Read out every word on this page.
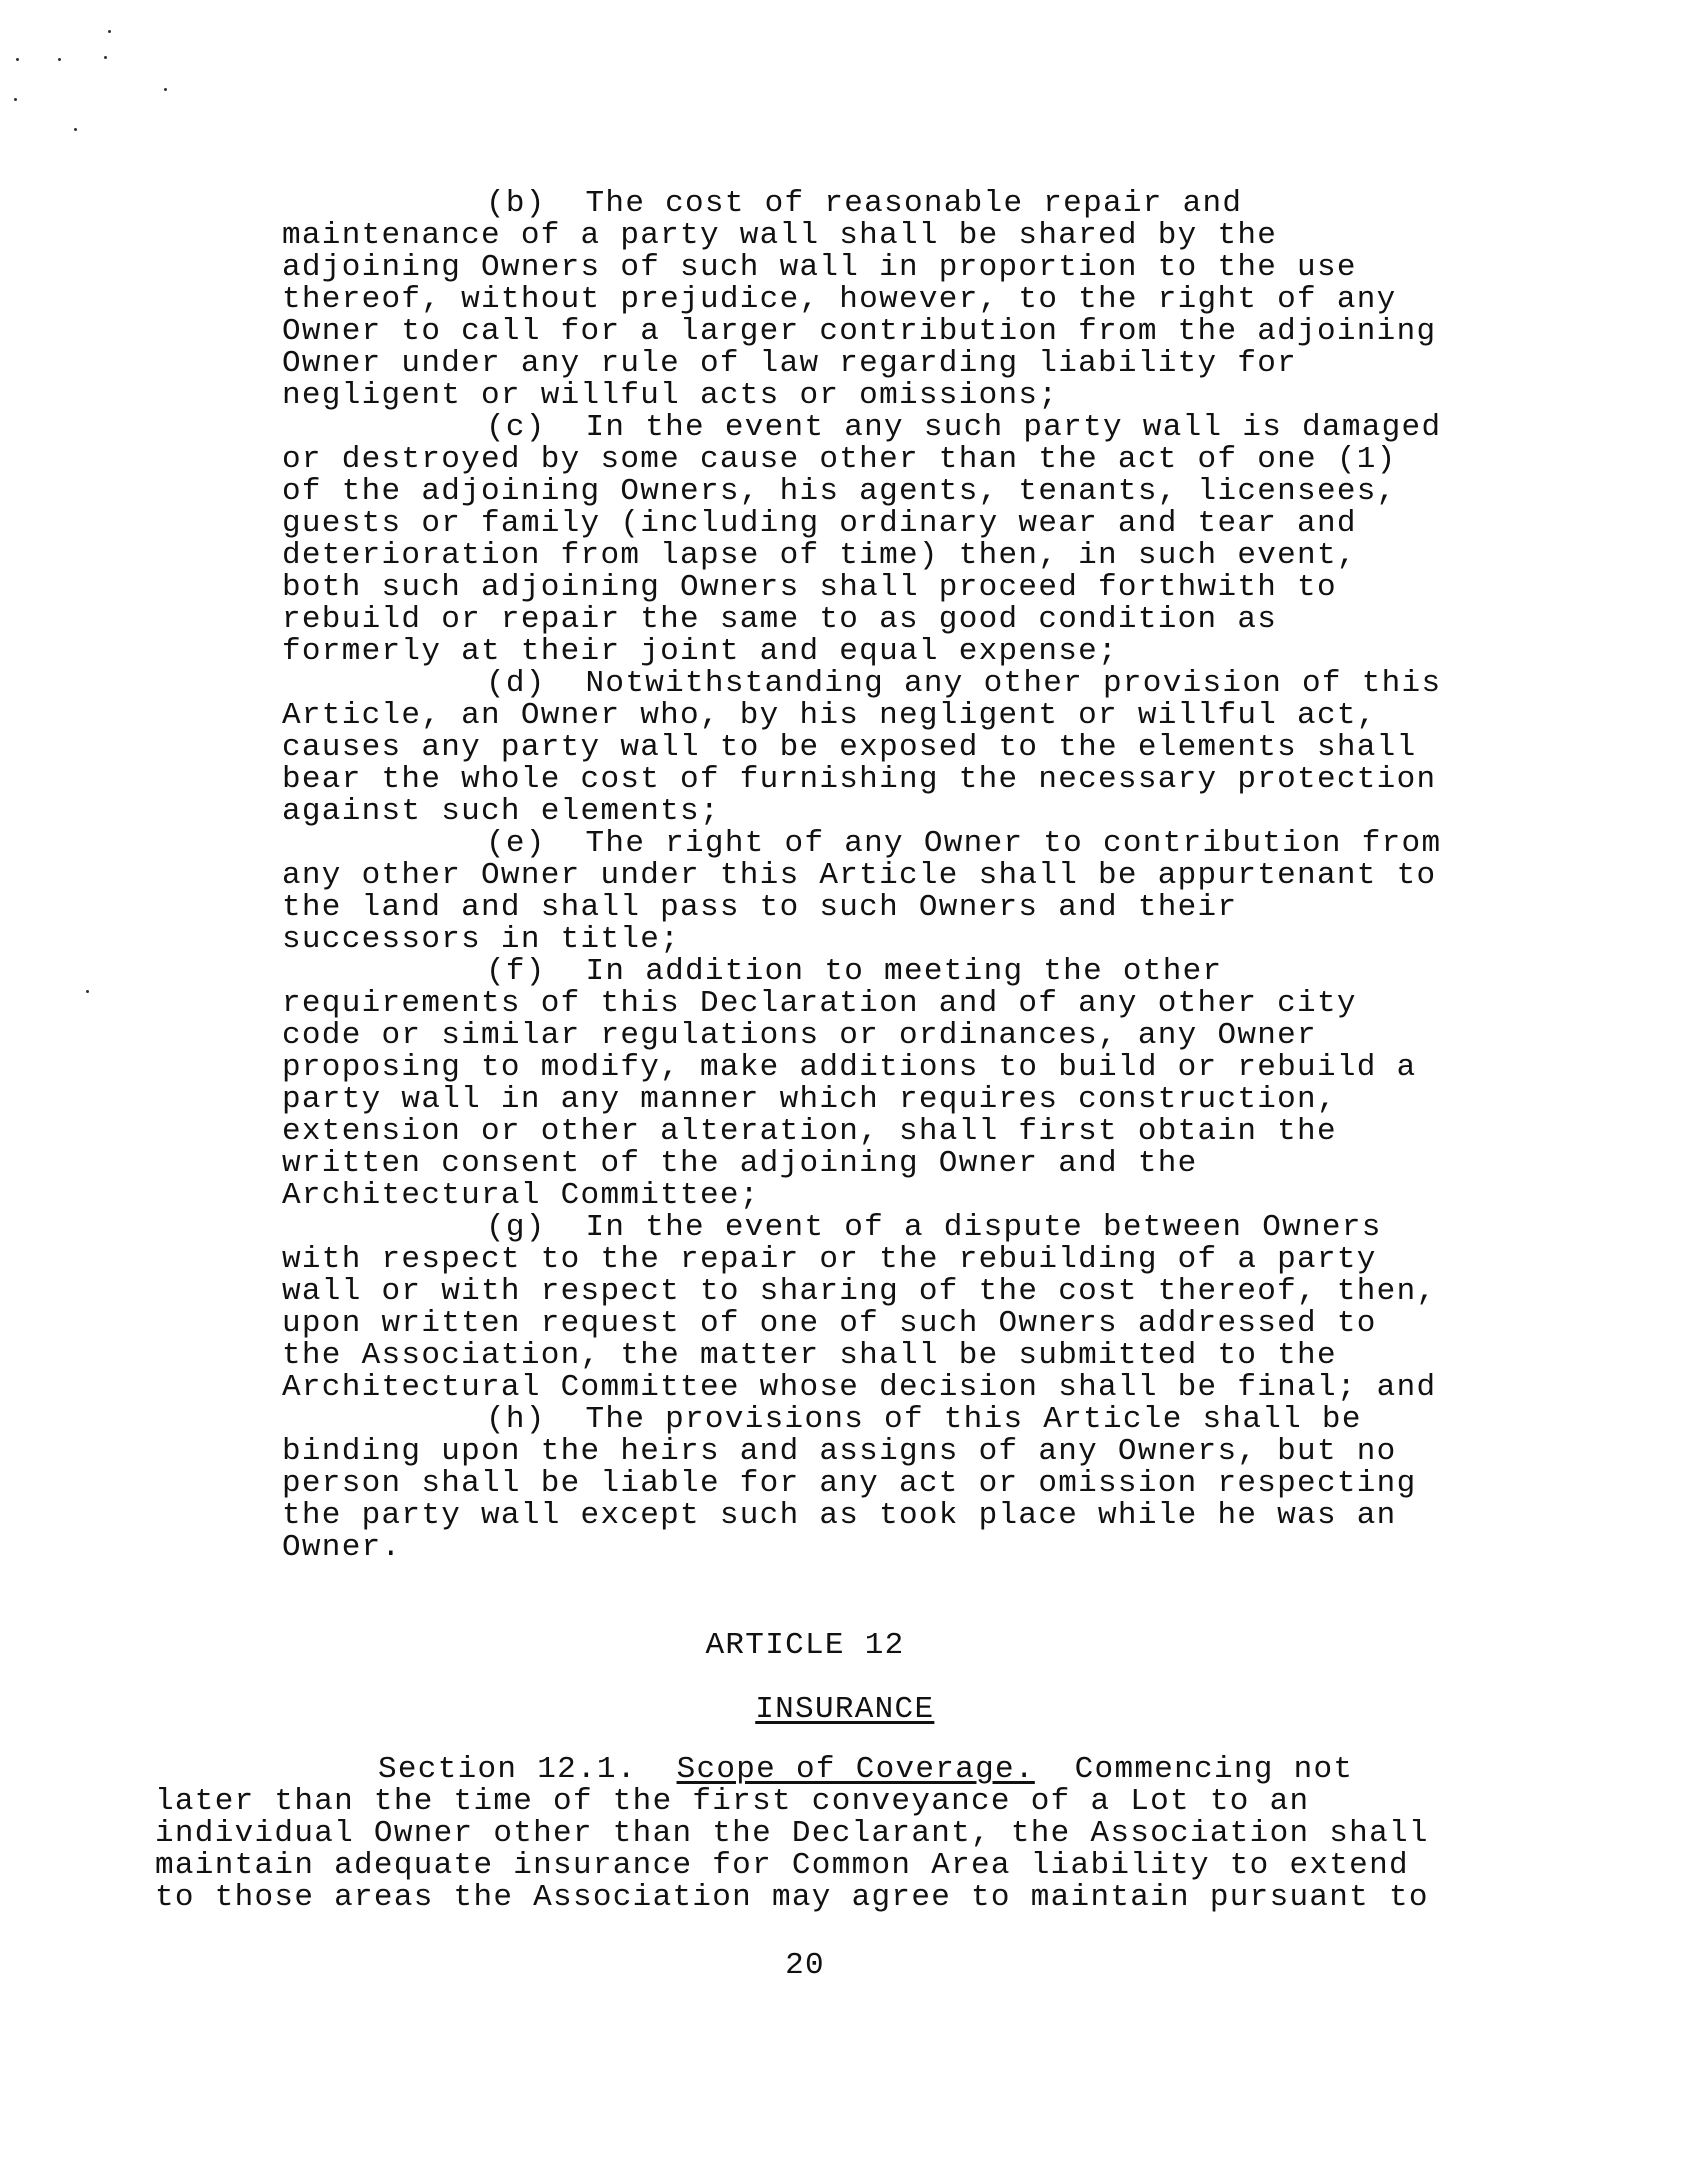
(b)  The cost of reasonable repair and
maintenance of a party wall shall be shared by the
adjoining Owners of such wall in proportion to the use
thereof, without prejudice, however, to the right of any
Owner to call for a larger contribution from the adjoining
Owner under any rule of law regarding liability for
negligent or willful acts or omissions;
(c)  In the event any such party wall is damaged
or destroyed by some cause other than the act of one (1)
of the adjoining Owners, his agents, tenants, licensees,
guests or family (including ordinary wear and tear and
deterioration from lapse of time) then, in such event,
both such adjoining Owners shall proceed forthwith to
rebuild or repair the same to as good condition as
formerly at their joint and equal expense;
(d)  Notwithstanding any other provision of this
Article, an Owner who, by his negligent or willful act,
causes any party wall to be exposed to the elements shall
bear the whole cost of furnishing the necessary protection
against such elements;
(e)  The right of any Owner to contribution from
any other Owner under this Article shall be appurtenant to
the land and shall pass to such Owners and their
successors in title;
(f)  In addition to meeting the other
requirements of this Declaration and of any other city
code or similar regulations or ordinances, any Owner
proposing to modify, make additions to build or rebuild a
party wall in any manner which requires construction,
extension or other alteration, shall first obtain the
written consent of the adjoining Owner and the
Architectural Committee;
(g)  In the event of a dispute between Owners
with respect to the repair or the rebuilding of a party
wall or with respect to sharing of the cost thereof, then,
upon written request of one of such Owners addressed to
the Association, the matter shall be submitted to the
Architectural Committee whose decision shall be final; and
(h)  The provisions of this Article shall be
binding upon the heirs and assigns of any Owners, but no
person shall be liable for any act or omission respecting
the party wall except such as took place while he was an
Owner.
ARTICLE 12

INSURANCE

Section 12.1. Scope of Coverage. Commencing not
later than the time of the first conveyance of a Lot to an
individual Owner other than the Declarant, the Association shall
maintain adequate insurance for Common Area liability to extend
to those areas the Association may agree to maintain pursuant to
20
